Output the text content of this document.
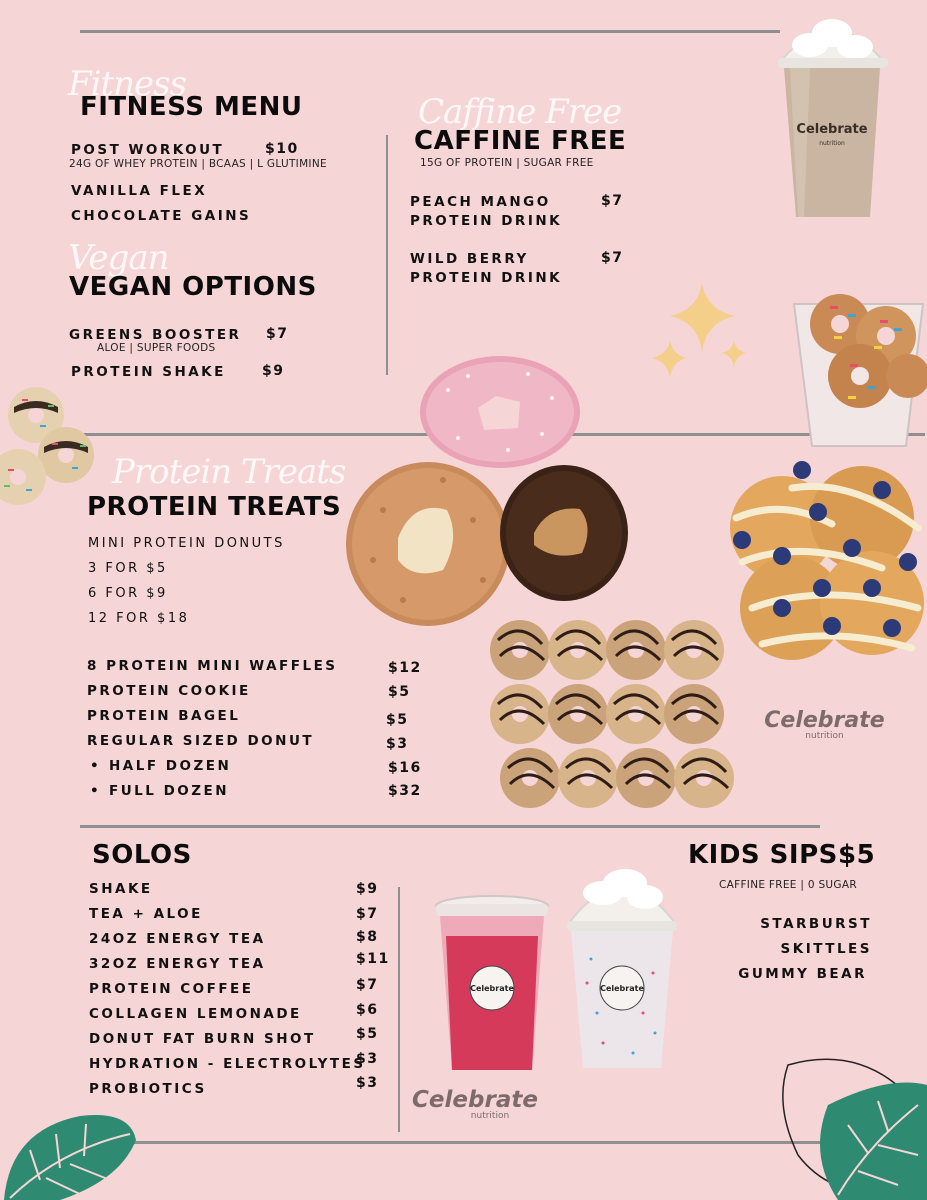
Fitness
FITNESS MENU
POST WORKOUT	$10
24G OF WHEY PROTEIN | BCAAS | L GLUTIMINE
VANILLA FLEX
CHOCOLATE GAINS
Vegan
VEGAN OPTIONS
GREENS BOOSTER $7
ALOE | SUPER FOODS
PROTEIN SHAKE	$9
Caffine Free
CAFFINE FREE
15G OF PROTEIN | SUGAR FREE
PEACH MANGO
PROTEIN DRINK
$7
WILD BERRY
PROTEIN DRINK
$7
Celebrate
nutrition
Protein Treats
PROTEIN TREATS
MINI PROTEIN DONUTS
3 FOR $5
6 FOR $9
12 FOR $18
8 PROTEIN MINI WAFFLES	$12
PROTEIN COOKIE	$5
PROTEIN BAGEL	$5
REGULAR SIZED DONUT	$3
• HALF DOZEN	$16
• FULL DOZEN	$32
Celebrate
nutrition
SOLOS
SHAKE	$9
TEA + ALOE	$7
24OZ ENERGY TEA	$8
32OZ ENERGY TEA	$11
PROTEIN COFFEE	$7
COLLAGEN LEMONADE	$6
DONUT FAT BURN SHOT	$5
HYDRATION - ELECTROLYTES
$3
PROBIOTICS	$3
Celebrate	Celebrate
Celebrate
nutrition
KIDS SIPS $5
CAFFINE FREE | 0 SUGAR
STARBURST
SKITTLES
GUMMY BEAR
